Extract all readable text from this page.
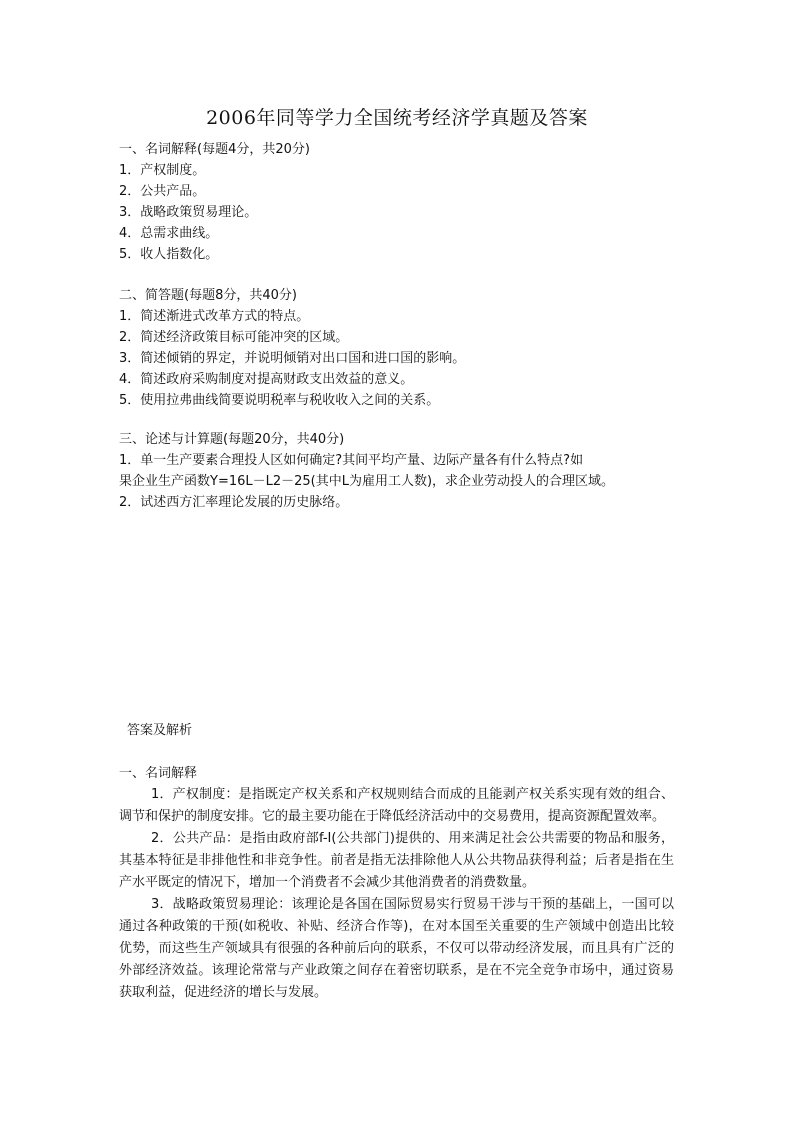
2006年同等学力全国统考经济学真题及答案
一、名词解释(每题4分，共20分)
1．产权制度。
2．公共产品。
3．战略政策贸易理论。
4．总需求曲线。
5．收人指数化。
二、简答题(每题8分，共40分)
1．简述渐进式改革方式的特点。
2．简述经济政策目标可能冲突的区域。
3．简述倾销的界定，并说明倾销对出口国和进口国的影响。
4．简述政府采购制度对提高财政支出效益的意义。
5．使用拉弗曲线简要说明税率与税收收入之间的关系。
三、论述与计算题(每题20分，共40分)
1．单一生产要素合理投人区如何确定?其间平均产量、边际产量各有什么特点?如
果企业生产函数Y=16L－L2－25(其中L为雇用工人数)，求企业劳动投人的合理区域。
2．试述西方汇率理论发展的历史脉络。
答案及解析
一、名词解释

1．产权制度：是指既定产权关系和产权规则结合而成的且能剥产权关系实现有效的组合、调节和保护的制度安排。它的最主要功能在于降低经济活动中的交易费用，提高资源配置效率。

2．公共产品：是指由政府部f-I(公共部门)提供的、用来满足社会公共需要的物品和服务，其基本特征是非排他性和非竞争性。前者是指无法排除他人从公共物品获得利益；后者是指在生产水平既定的情况下，增加一个消费者不会减少其他消费者的消费数量。

3．战略政策贸易理论：该理论是各国在国际贸易实行贸易干涉与干预的基础上，一国可以通过各种政策的干预(如税收、补贴、经济合作等)，在对本国至关重要的生产领域中创造出比较优势，而这些生产领域具有很强的各种前后向的联系，不仅可以带动经济发展，而且具有广泛的外部经济效益。该理论常常与产业政策之间存在着密切联系，是在不完全竞争市场中，通过资易获取利益，促进经济的增长与发展。
